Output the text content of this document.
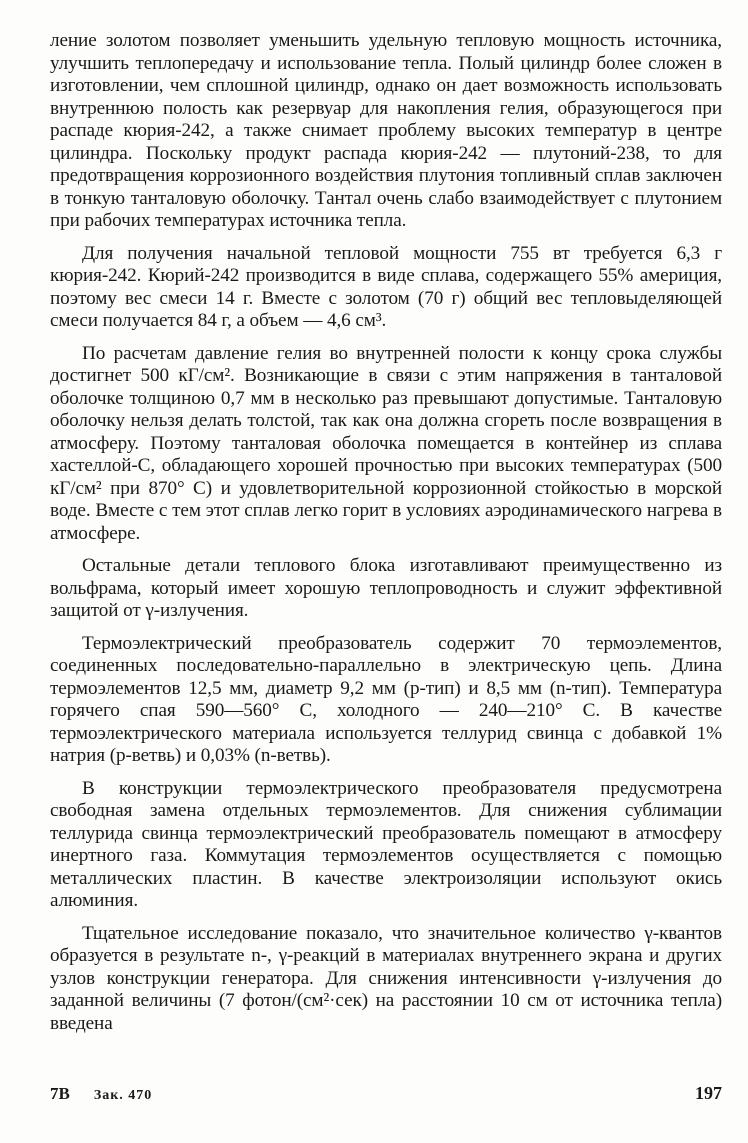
ление золотом позволяет уменьшить удельную тепловую мощность источника, улучшить теплопередачу и использование тепла. Полый цилиндр более сложен в изготовлении, чем сплошной цилиндр, однако он дает возможность использовать внутреннюю полость как резервуар для накопления гелия, образующегося при распаде кюрия-242, а также снимает проблему высоких температур в центре цилиндра. Поскольку продукт распада кюрия-242 — плутоний-238, то для предотвращения коррозионного воздействия плутония топливный сплав заключен в тонкую танталовую оболочку. Тантал очень слабо взаимодействует с плутонием при рабочих температурах источника тепла.

Для получения начальной тепловой мощности 755 вт требуется 6,3 г кюрия-242. Кюрий-242 производится в виде сплава, содержащего 55% америция, поэтому вес смеси 14 г. Вместе с золотом (70 г) общий вес тепловыделяющей смеси получается 84 г, а объем — 4,6 см³.

По расчетам давление гелия во внутренней полости к концу срока службы достигнет 500 кГ/см². Возникающие в связи с этим напряжения в танталовой оболочке толщиною 0,7 мм в несколько раз превышают допустимые. Танталовую оболочку нельзя делать толстой, так как она должна сгореть после возвращения в атмосферу. Поэтому танталовая оболочка помещается в контейнер из сплава хастеллой-С, обладающего хорошей прочностью при высоких температурах (500 кГ/см² при 870° С) и удовлетворительной коррозионной стойкостью в морской воде. Вместе с тем этот сплав легко горит в условиях аэродинамического нагрева в атмосфере.

Остальные детали теплового блока изготавливают преимущественно из вольфрама, который имеет хорошую теплопроводность и служит эффективной защитой от γ-излучения.

Термоэлектрический преобразователь содержит 70 термоэлементов, соединенных последовательно-параллельно в электрическую цепь. Длина термоэлементов 12,5 мм, диаметр 9,2 мм (p-тип) и 8,5 мм (n-тип). Температура горячего спая 590—560° С, холодного — 240—210° С. В качестве термоэлектрического материала используется теллурид свинца с добавкой 1% натрия (p-ветвь) и 0,03% (n-ветвь).

В конструкции термоэлектрического преобразователя предусмотрена свободная замена отдельных термоэлементов. Для снижения сублимации теллурида свинца термоэлектрический преобразователь помещают в атмосферу инертного газа. Коммутация термоэлементов осуществляется с помощью металлических пластин. В качестве электроизоляции используют окись алюминия.

Тщательное исследование показало, что значительное количество γ-квантов образуется в результате n-, γ-реакций в материалах внутреннего экрана и других узлов конструкции генератора. Для снижения интенсивности γ-излучения до заданной величины (7 фотон/(см²·сек) на расстоянии 10 см от источника тепла) введена

7В Зак. 470	197
